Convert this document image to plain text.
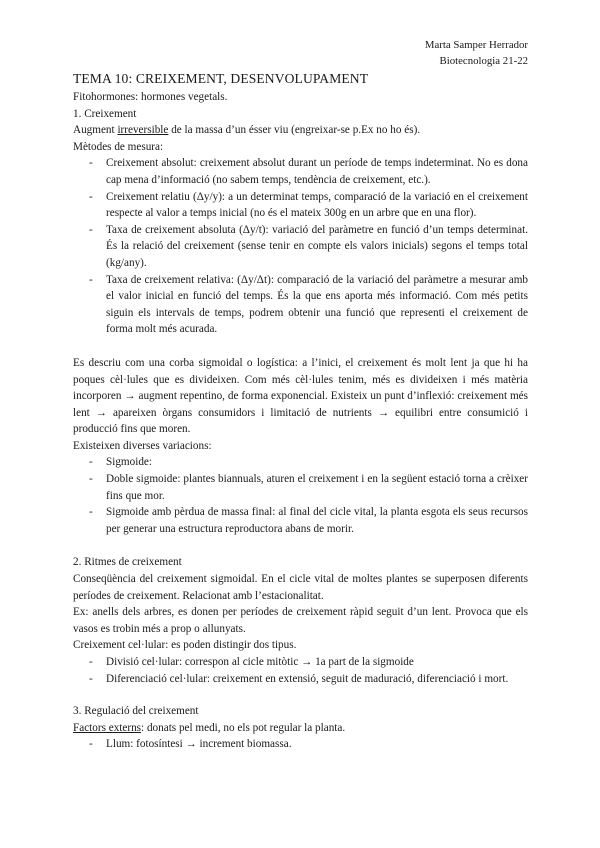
Marta Samper Herrador
Biotecnologia 21-22
TEMA 10: CREIXEMENT, DESENVOLUPAMENT

Fitohormones: hormones vegetals.

1. Creixement

Augment irreversible de la massa d’un ésser viu (engreixar-se p.Ex no ho és).

Mètodes de mesura:

- Creixement absolut: creixement absolut durant un període de temps indeterminat. No es dona cap mena d’informació (no sabem temps, tendència de creixement, etc.).
- Creixement relatiu (Δy/y): a un determinat temps, comparació de la variació en el creixement respecte al valor a temps inicial (no és el mateix 300g en un arbre que en una flor).
- Taxa de creixement absoluta (Δy/t): variació del paràmetre en funció d’un temps determinat. És la relació del creixement (sense tenir en compte els valors inicials) segons el temps total (kg/any).
- Taxa de creixement relativa: (Δy/Δt): comparació de la variació del paràmetre a mesurar amb el valor inicial en funció del temps. És la que ens aporta més informació. Com més petits siguin els intervals de temps, podrem obtenir una funció que representi el creixement de forma molt més acurada.

Es descriu com una corba sigmoidal o logística: a l’inici, el creixement és molt lent ja que hi ha poques cèl·lules que es divideixen. Com més cèl·lules tenim, més es divideixen i més matèria incorporen → augment repentino, de forma exponencial. Existeix un punt d’inflexió: creixement més lent → apareixen òrgans consumidors i limitació de nutrients → equilibri entre consumició i producció fins que moren.

Existeixen diverses variacions:

- Sigmoide:
- Doble sigmoide: plantes biannuals, aturen el creixement i en la següent estació torna a crèixer fins que mor.
- Sigmoide amb pèrdua de massa final: al final del cicle vital, la planta esgota els seus recursos per generar una estructura reproductora abans de morir.

2. Ritmes de creixement

Conseqüència del creixement sigmoidal. En el cicle vital de moltes plantes se superposen diferents períodes de creixement. Relacionat amb l’estacionalitat.

Ex: anells dels arbres, es donen per períodes de creixement ràpid seguit d’un lent. Provoca que els vasos es trobin més a prop o allunyats.

Creixement cel·lular: es poden distingir dos tipus.

- Divisió cel·lular: correspon al cicle mitòtic → 1a part de la sigmoide
- Diferenciació cel·lular: creixement en extensió, seguit de maduració, diferenciació i mort.

3. Regulació del creixement

Factors externs: donats pel medi, no els pot regular la planta.

- Llum: fotosíntesi → increment biomassa.
